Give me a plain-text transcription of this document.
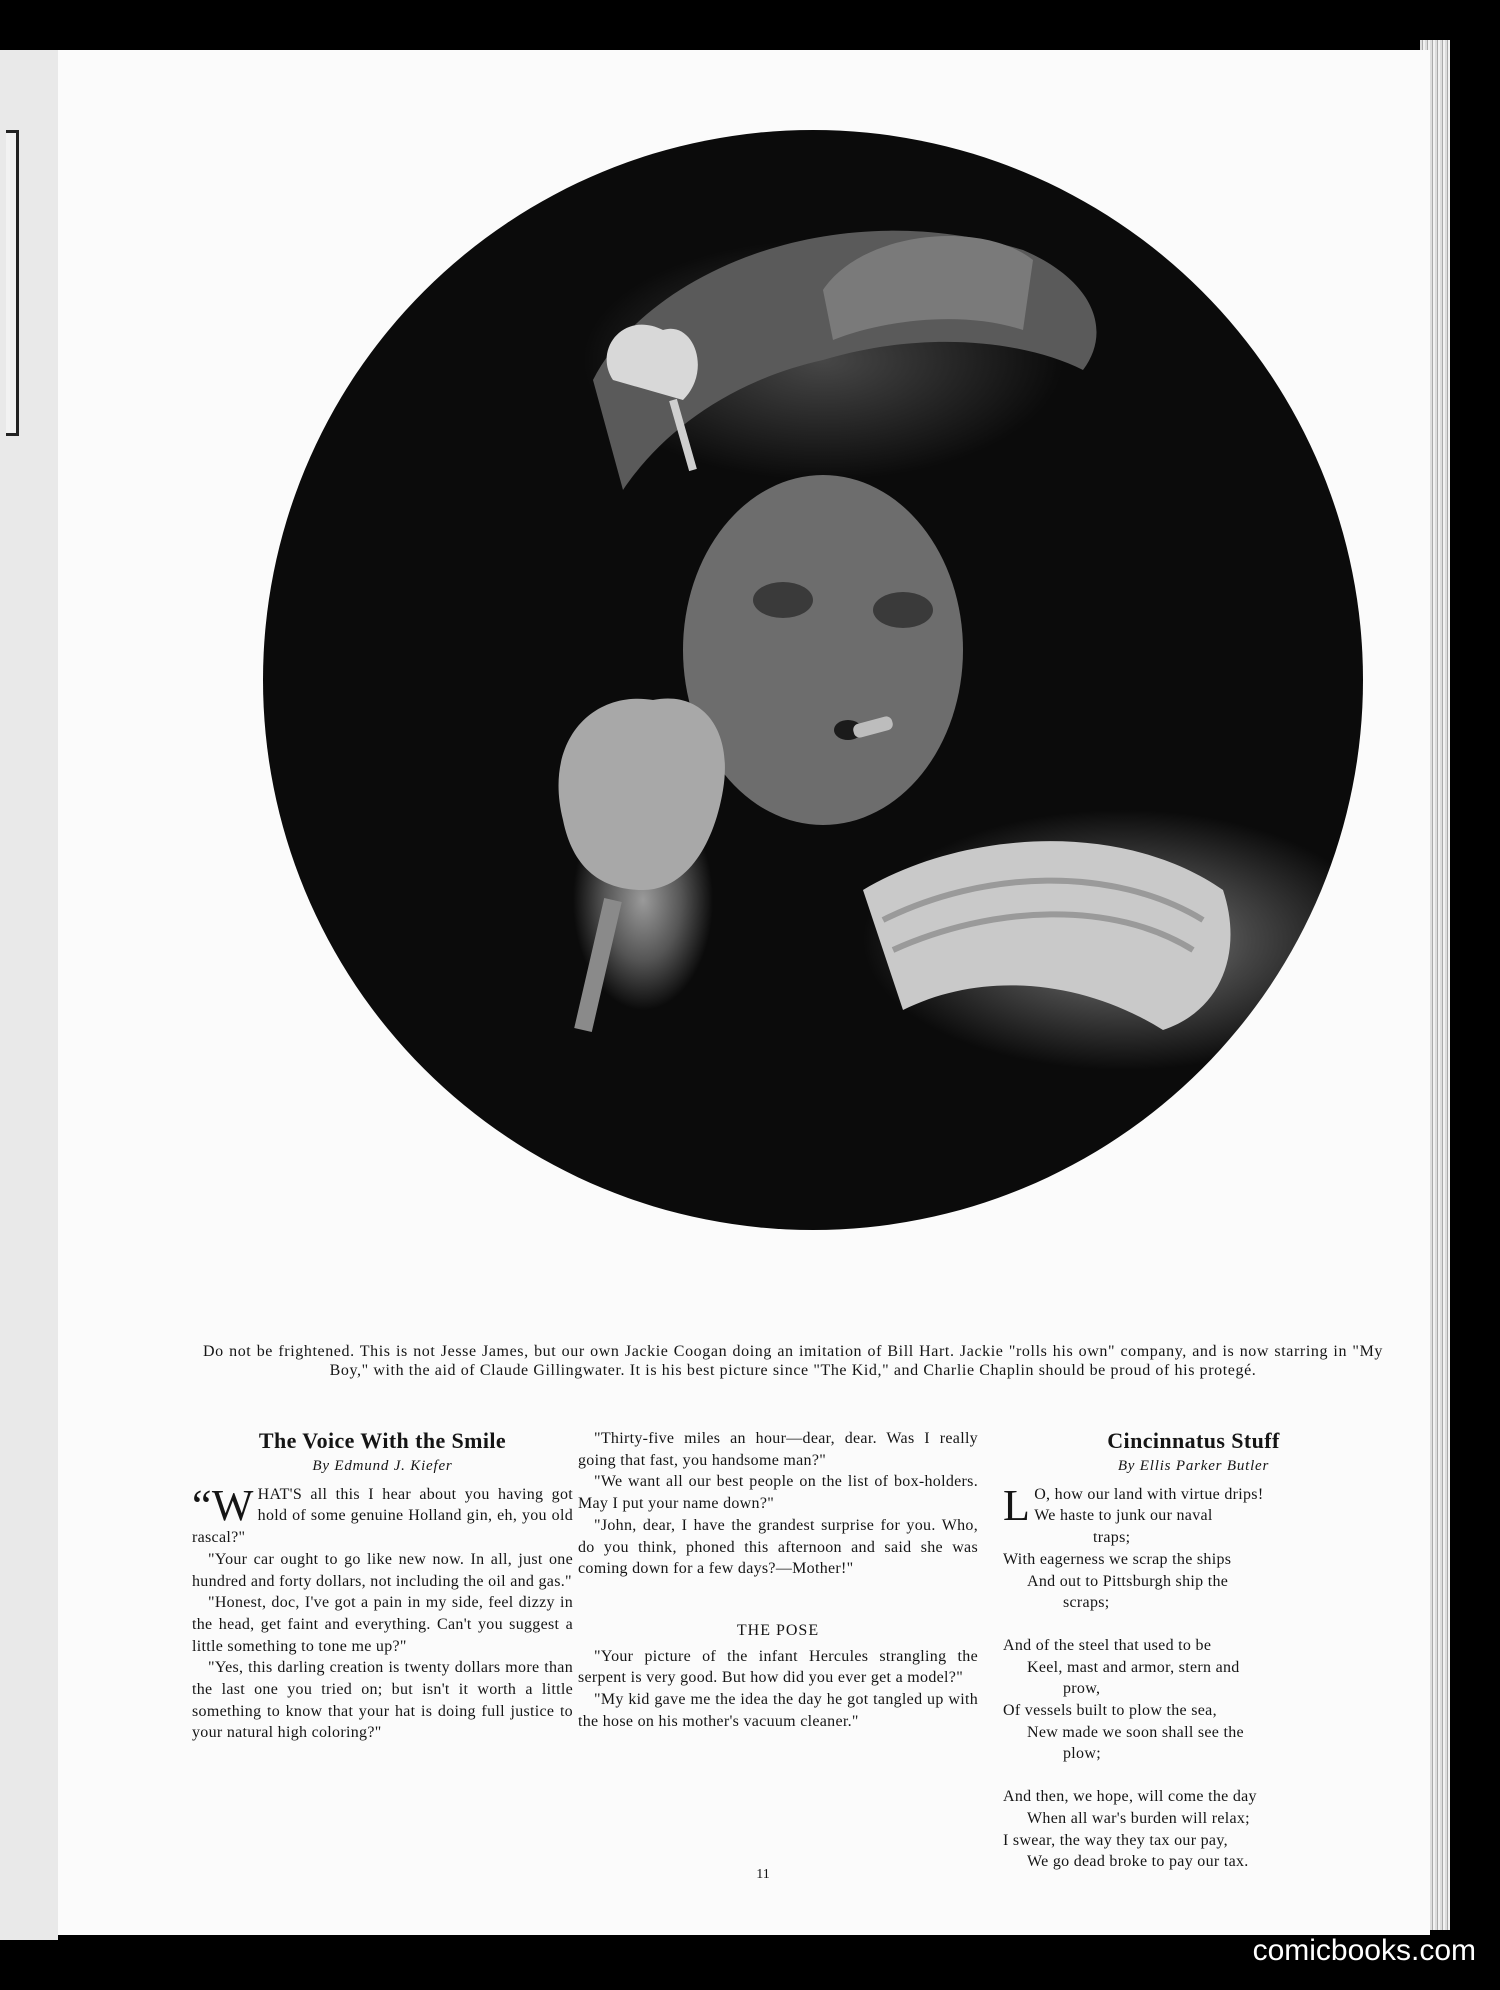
Do not be frightened. This is not Jesse James, but our own Jackie Coogan doing an imitation of Bill Hart. Jackie "rolls his own" company, and is now starring in "My Boy," with the aid of Claude Gillingwater. It is his best picture since "The Kid," and Charlie Chaplin should be proud of his protegé.
The Voice With the Smile
By Edmund J. Kiefer

“WHAT'S all this I hear about you having got hold of some genuine Holland gin, eh, you old rascal?"

"Your car ought to go like new now. In all, just one hundred and forty dollars, not including the oil and gas."

"Honest, doc, I've got a pain in my side, feel dizzy in the head, get faint and everything. Can't you suggest a little something to tone me up?"

"Yes, this darling creation is twenty dollars more than the last one you tried on; but isn't it worth a little something to know that your hat is doing full justice to your natural high coloring?"

"Thirty-five miles an hour—dear, dear. Was I really going that fast, you handsome man?"

"We want all our best people on the list of box-holders. May I put your name down?"

"John, dear, I have the grandest surprise for you. Who, do you think, phoned this afternoon and said she was coming down for a few days?—Mother!"

THE POSE

"Your picture of the infant Hercules strangling the serpent is very good. But how did you ever get a model?"

"My kid gave me the idea the day he got tangled up with the hose on his mother's vacuum cleaner."

Cincinnatus Stuff
By Ellis Parker Butler
L O, how our land with virtue drips!
We haste to junk our naval
traps;
With eagerness we scrap the ships
And out to Pittsburgh ship the
scraps;
And of the steel that used to be
Keel, mast and armor, stern and
prow,
Of vessels built to plow the sea,
New made we soon shall see the
plow;
And then, we hope, will come the day
When all war's burden will relax;
I swear, the way they tax our pay,
We go dead broke to pay our tax.
11
comicbooks.com
